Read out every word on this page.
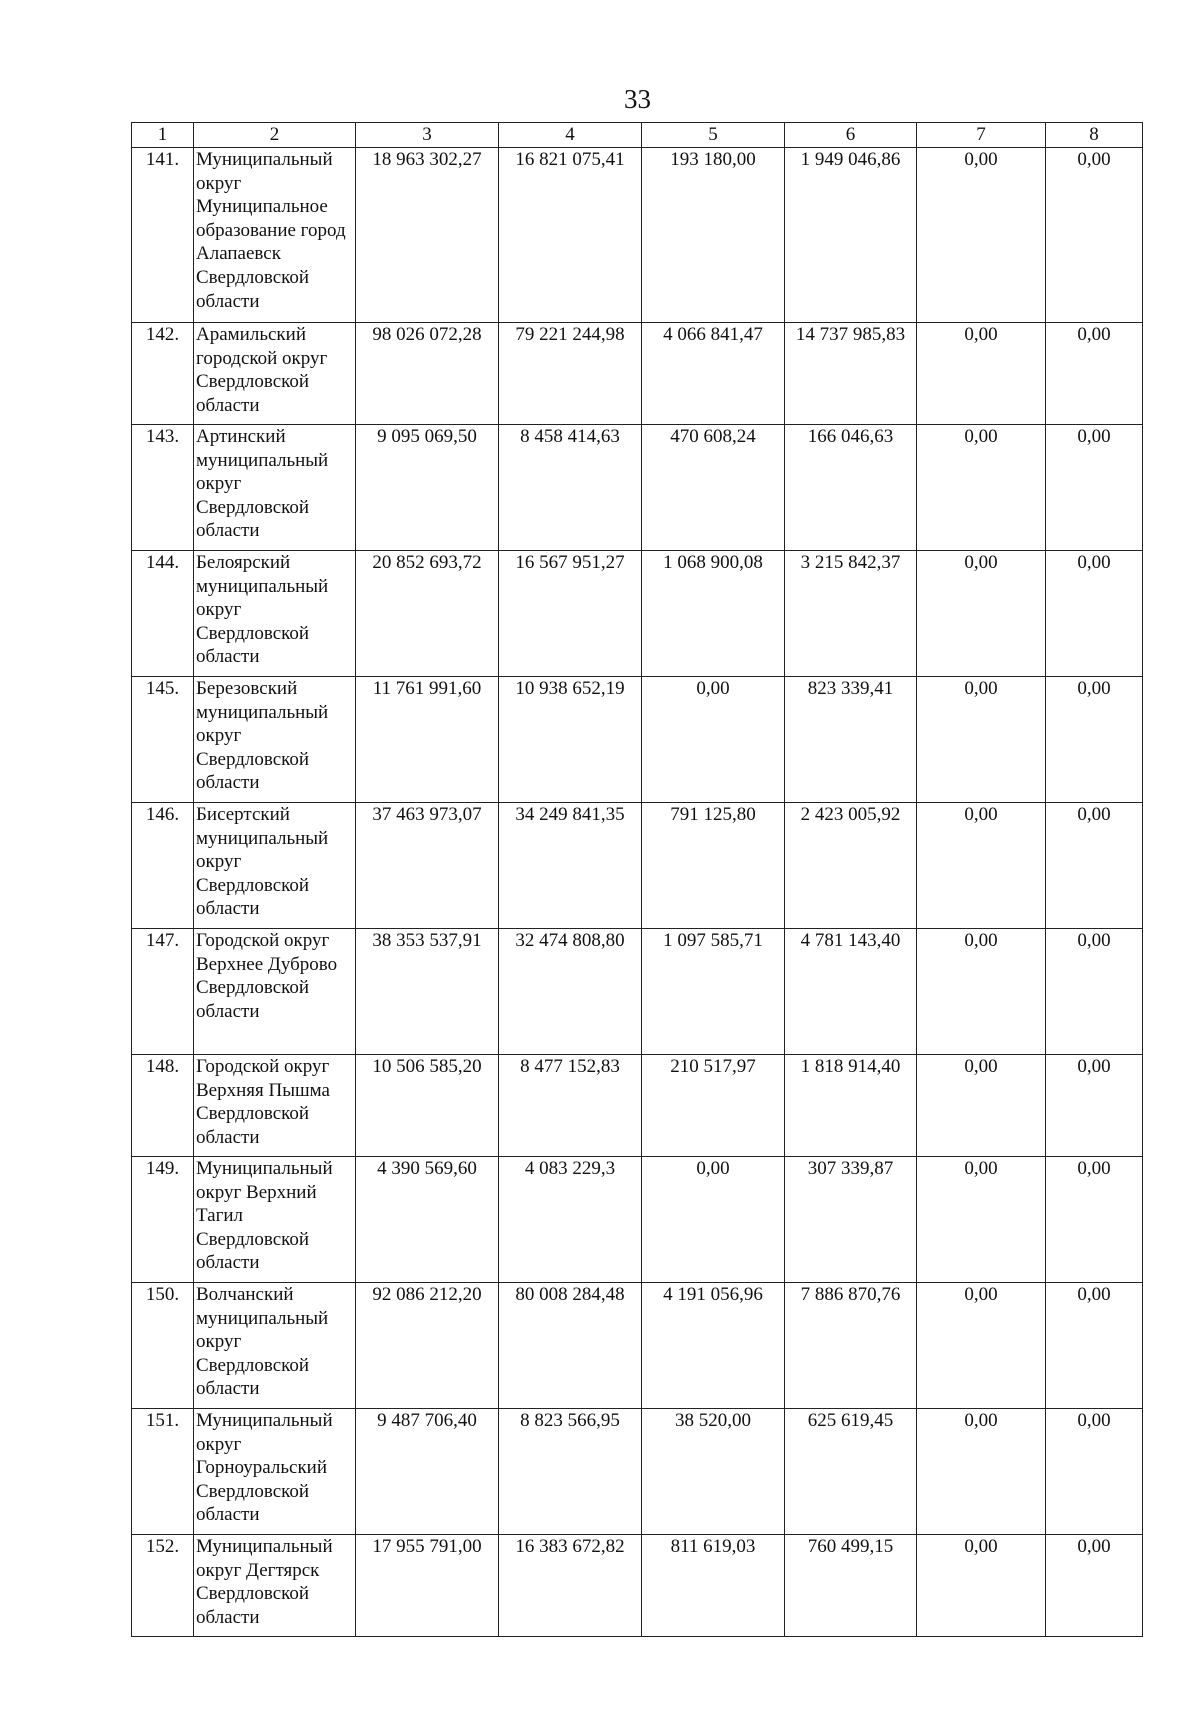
33
1	2	3	4	5	6	7	8
141.	Муниципальный округ Муниципальное образование город Алапаевск Свердловской области	18 963 302,27	16 821 075,41	193 180,00	1 949 046,86	0,00	0,00
142.	Арамильский городской округ Свердловской области	98 026 072,28	79 221 244,98	4 066 841,47	14 737 985,83	0,00	0,00
143.	Артинский муниципальный округ Свердловской области	9 095 069,50	8 458 414,63	470 608,24	166 046,63	0,00	0,00
144.	Белоярский муниципальный округ Свердловской области	20 852 693,72	16 567 951,27	1 068 900,08	3 215 842,37	0,00	0,00
145.	Березовский муниципальный округ Свердловской области	11 761 991,60	10 938 652,19	0,00	823 339,41	0,00	0,00
146.	Бисертский муниципальный округ Свердловской области	37 463 973,07	34 249 841,35	791 125,80	2 423 005,92	0,00	0,00
147.	Городской округ Верхнее Дуброво Свердловской области	38 353 537,91	32 474 808,80	1 097 585,71	4 781 143,40	0,00	0,00
148.	Городской округ Верхняя Пышма Свердловской области	10 506 585,20	8 477 152,83	210 517,97	1 818 914,40	0,00	0,00
149.	Муниципальный округ Верхний Тагил Свердловской области	4 390 569,60	4 083 229,3	0,00	307 339,87	0,00	0,00
150.	Волчанский муниципальный округ Свердловской области	92 086 212,20	80 008 284,48	4 191 056,96	7 886 870,76	0,00	0,00
151.	Муниципальный округ Горноуральский Свердловской области	9 487 706,40	8 823 566,95	38 520,00	625 619,45	0,00	0,00
152.	Муниципальный округ Дегтярск Свердловской области	17 955 791,00	16 383 672,82	811 619,03	760 499,15	0,00	0,00
